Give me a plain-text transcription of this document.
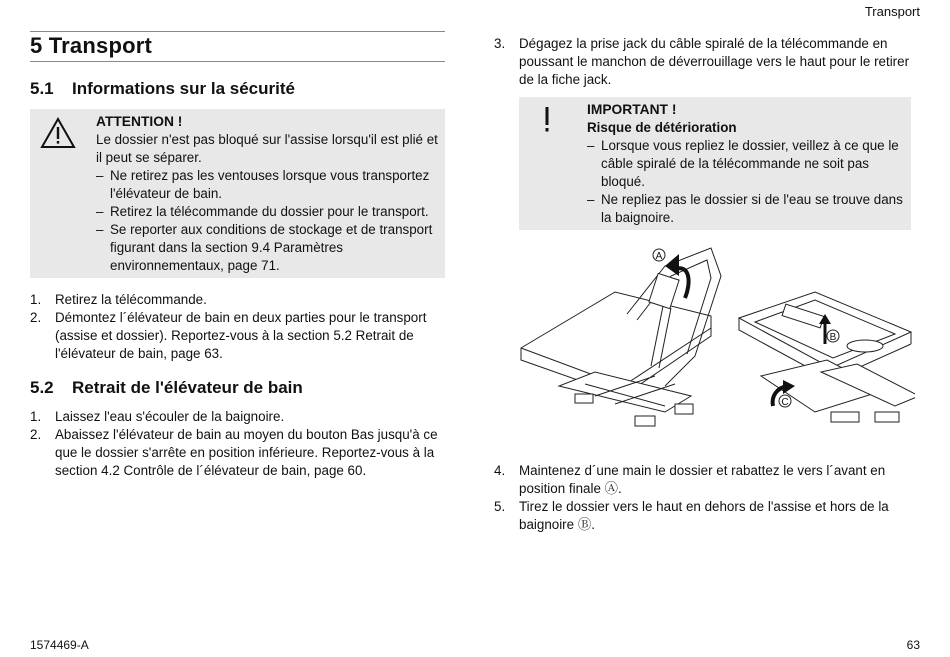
Transport
5 Transport
5.1 Informations sur la sécurité
ATTENTION !
Le dossier n'est pas bloqué sur l'assise lorsqu'il est plié et il peut se séparer.
– Ne retirez pas les ventouses lorsque vous transportez l'élévateur de bain.
– Retirez la télécommande du dossier pour le transport.
– Se reporter aux conditions de stockage et de transport figurant dans la section 9.4 Paramètres environnementaux, page 71.
1. Retirez la télécommande.
2. Démontez l´élévateur de bain en deux parties pour le transport (assise et dossier). Reportez-vous à la section 5.2 Retrait de l'élévateur de bain, page 63.
5.2 Retrait de l'élévateur de bain
1. Laissez l'eau s'écouler de la baignoire.
2. Abaissez l'élévateur de bain au moyen du bouton Bas jusqu'à ce que le dossier s'arrête en position inférieure. Reportez-vous à la section 4.2 Contrôle de l´élévateur de bain, page 60.
3. Dégagez la prise jack du câble spiralé de la télécommande en poussant le manchon de déverrouillage vers le haut pour le retirer de la fiche jack.
IMPORTANT !
Risque de détérioration
– Lorsque vous repliez le dossier, veillez à ce que le câble spiralé de la télécommande ne soit pas bloqué.
– Ne repliez pas le dossier si de l'eau se trouve dans la baignoire.
A
B
C
4. Maintenez d´une main le dossier et rabattez le vers l´avant en position finale Ⓐ.
5. Tirez le dossier vers le haut en dehors de l'assise et hors de la baignoire Ⓑ.
1574469-A	63
